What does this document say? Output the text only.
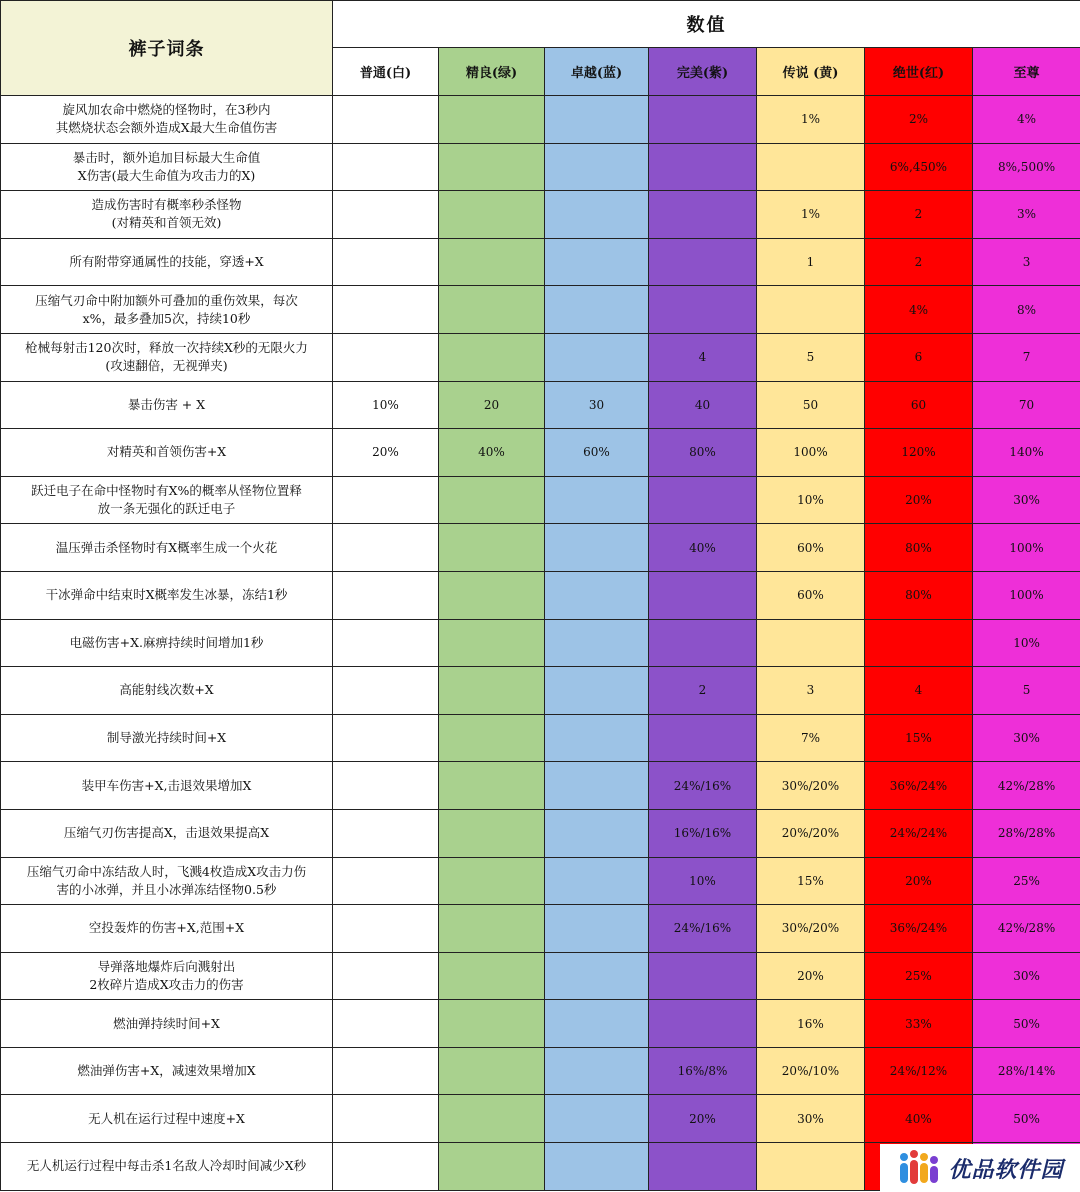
裤子词条	数值						
	普通(白)	精良(绿)	卓越(蓝)	完美(紫)	传说 (黄)	绝世(红)	至尊
旋风加农命中燃烧的怪物时，在3秒内
其燃烧状态会额外造成X最大生命值伤害					1%	2%	4%
暴击时，额外追加目标最大生命值
X伤害(最大生命值为攻击力的X)						6%,450%	8%,500%
造成伤害时有概率秒杀怪物
(对精英和首领无效)					1%	2	3%
所有附带穿通属性的技能，穿透+X					1	2	3
压缩气刃命中附加额外可叠加的重伤效果，每次
x%，最多叠加5次，持续10秒						4%	8%
枪械每射击120次时，释放一次持续X秒的无限火力
(攻速翻倍，无视弹夹)				4	5	6	7
暴击伤害 + X	10%	20	30	40	50	60	70
对精英和首领伤害+X	20%	40%	60%	80%	100%	120%	140%
跃迁电子在命中怪物时有X%的概率从怪物位置释
放一条无强化的跃迁电子					10%	20%	30%
温压弹击杀怪物时有X概率生成一个火花				40%	60%	80%	100%
干冰弹命中结束时X概率发生冰暴，冻结1秒					60%	80%	100%
电磁伤害+X.麻痹持续时间增加1秒							10%
高能射线次数+X				2	3	4	5
制导激光持续时间+X					7%	15%	30%
装甲车伤害+X,击退效果增加X				24%/16%	30%/20%	36%/24%	42%/28%
压缩气刃伤害提高X，击退效果提高X				16%/16%	20%/20%	24%/24%	28%/28%
压缩气刃命中冻结敌人时，飞溅4枚造成X攻击力伤
害的小冰弹，并且小冰弹冻结怪物0.5秒				10%	15%	20%	25%
空投轰炸的伤害+X,范围+X				24%/16%	30%/20%	36%/24%	42%/28%
导弹落地爆炸后向溅射出
2枚碎片造成X攻击力的伤害					20%	25%	30%
燃油弹持续时间+X					16%	33%	50%
燃油弹伤害+X，减速效果增加X				16%/8%	20%/10%	24%/12%	28%/14%
无人机在运行过程中速度+X				20%	30%	40%	50%
无人机运行过程中每击杀1名敌人冷却时间减少X秒								优品软件园
